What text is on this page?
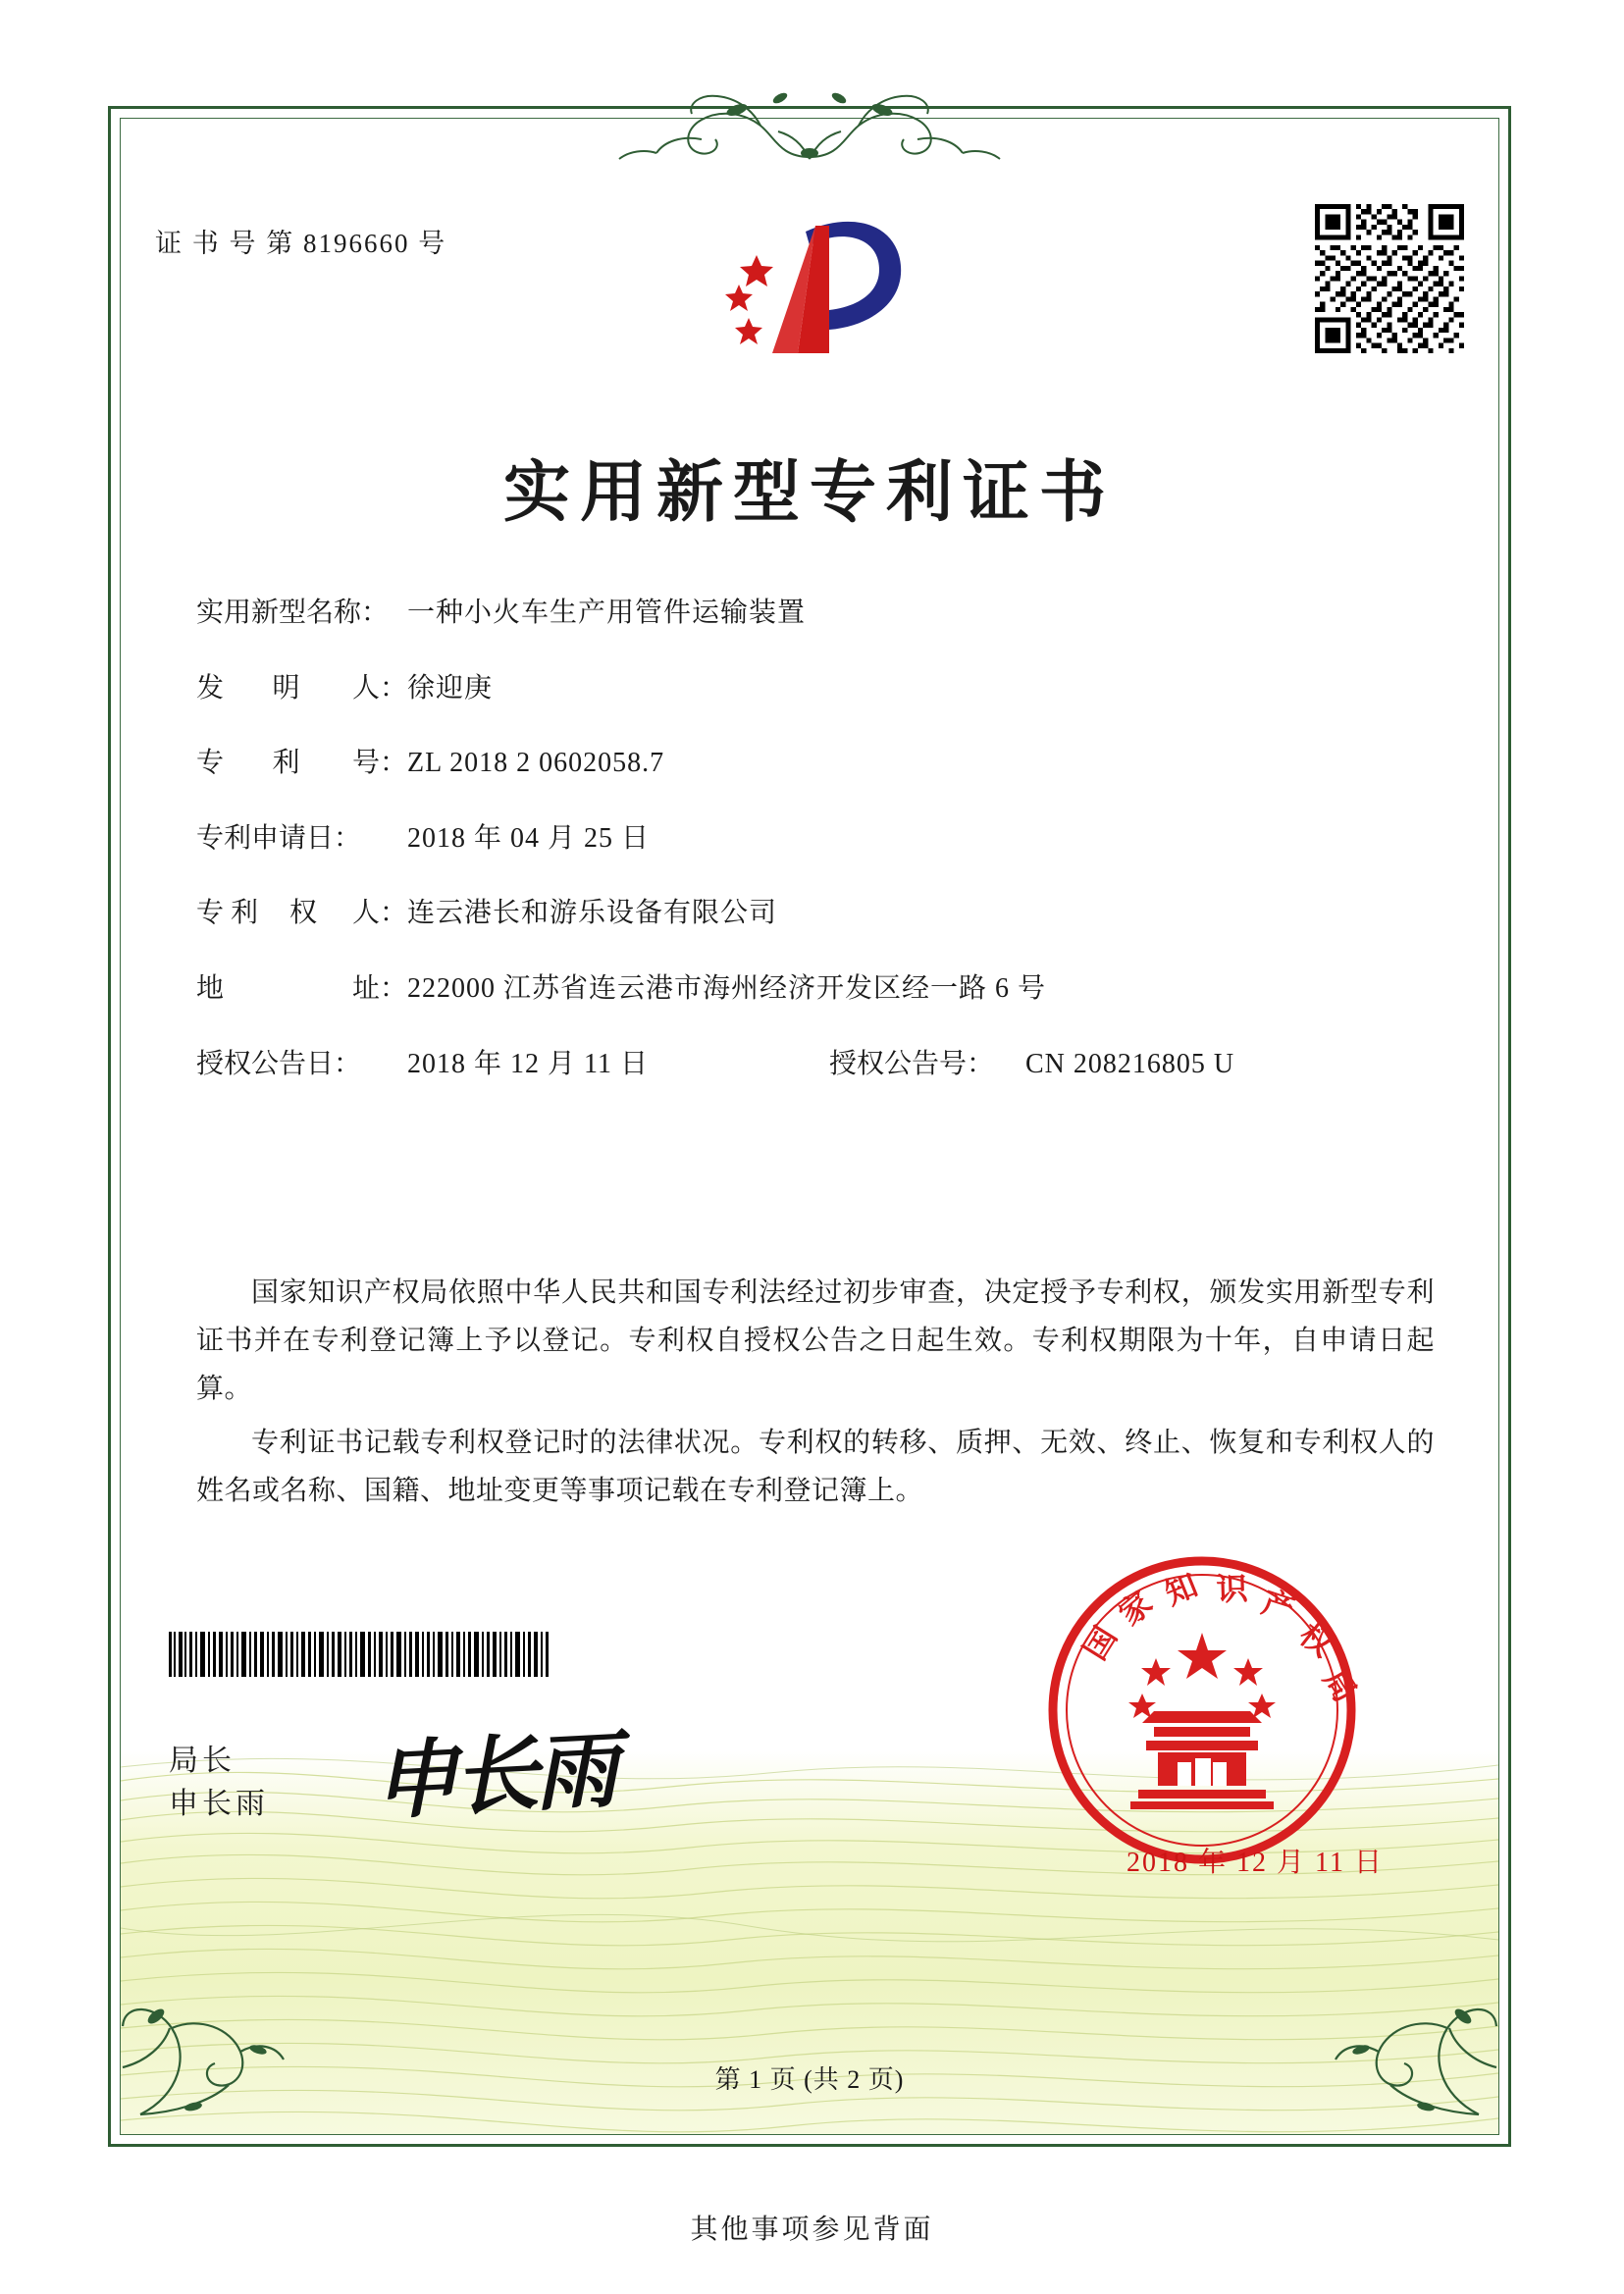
证 书 号 第 8196660 号
实用新型专利证书
实用新型名称： 一种小火车生产用管件运输装置
发 明 人： 徐迎庚
专 利 号： ZL 2018 2 0602058.7
专利申请日：	2018 年 04 月 25 日
专 利 权 人： 连云港长和游乐设备有限公司
地	址： 222000 江苏省连云港市海州经济开发区经一路 6 号
授权公告日：	2018 年 12 月 11 日	授权公告号：	CN 208216805 U

国家知识产权局依照中华人民共和国专利法经过初步审查，决定授予专利权，颁发实用新型专利证书并在专利登记簿上予以登记。专利权自授权公告之日起生效。专利权期限为十年，自申请日起算。

专利证书记载专利权登记时的法律状况。专利权的转移、质押、无效、终止、恢复和专利权人的姓名或名称、国籍、地址变更等事项记载在专利登记簿上。

局长
申长雨 申长雨
国
家 知 识 产
权
局
2018 年 12 月 11 日
第 1 页 (共 2 页)
其他事项参见背面
